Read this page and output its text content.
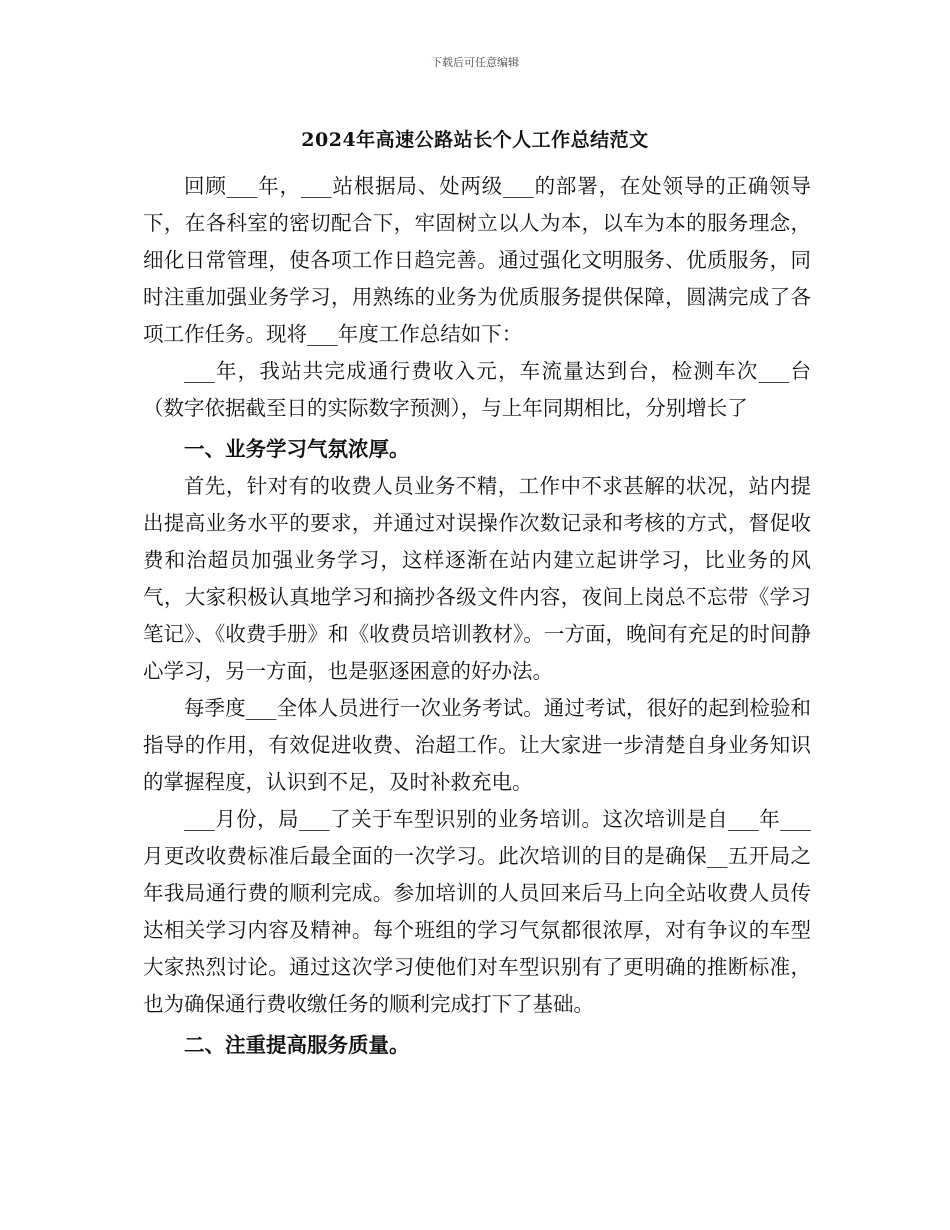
下载后可任意编辑
2024年高速公路站长个人工作总结范文

回顾___年，___站根据局、处两级___的部署，在处领导的正确领导下，在各科室的密切配合下，牢固树立以人为本，以车为本的服务理念，细化日常管理，使各项工作日趋完善。通过强化文明服务、优质服务，同时注重加强业务学习，用熟练的业务为优质服务提供保障，圆满完成了各项工作任务。现将___年度工作总结如下：

___年，我站共完成通行费收入元，车流量达到台，检测车次___台（数字依据截至日的实际数字预测），与上年同期相比，分别增长了

一、业务学习气氛浓厚。

首先，针对有的收费人员业务不精，工作中不求甚解的状况，站内提出提高业务水平的要求，并通过对误操作次数记录和考核的方式，督促收费和治超员加强业务学习，这样逐渐在站内建立起讲学习，比业务的风气，大家积极认真地学习和摘抄各级文件内容，夜间上岗总不忘带《学习笔记》、《收费手册》和《收费员培训教材》。一方面，晚间有充足的时间静心学习，另一方面，也是驱逐困意的好办法。

每季度___全体人员进行一次业务考试。通过考试，很好的起到检验和指导的作用，有效促进收费、治超工作。让大家进一步清楚自身业务知识的掌握程度，认识到不足，及时补救充电。

___月份，局___了关于车型识别的业务培训。这次培训是自___年___月更改收费标准后最全面的一次学习。此次培训的目的是确保__五开局之年我局通行费的顺利完成。参加培训的人员回来后马上向全站收费人员传达相关学习内容及精神。每个班组的学习气氛都很浓厚，对有争议的车型大家热烈讨论。通过这次学习使他们对车型识别有了更明确的推断标准，也为确保通行费收缴任务的顺利完成打下了基础。

二、注重提高服务质量。
